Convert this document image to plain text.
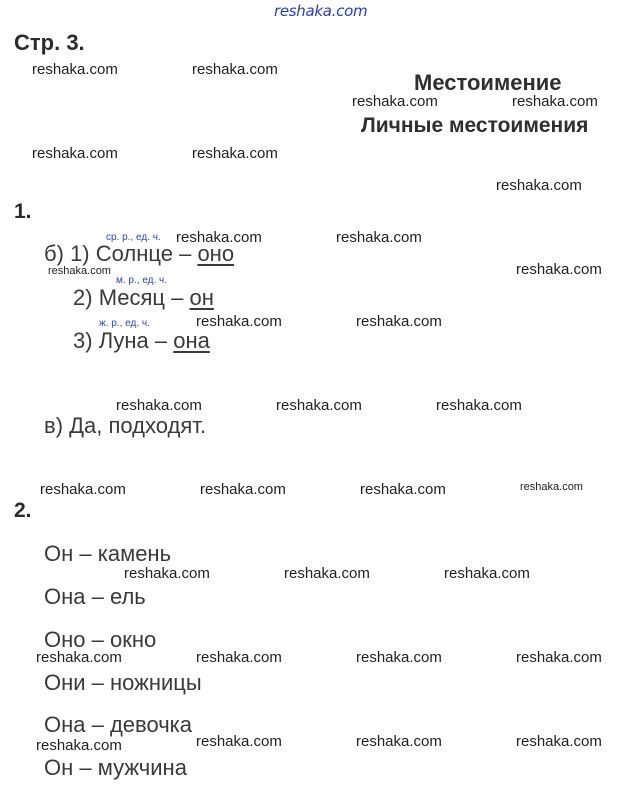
reshaka.com
Стр. 3.
Местоимение
Личные местоимения
1.
ср. р., ед. ч.
б) 1) Солнце – оно
м. р., ед. ч.
2) Месяц – он
ж. р., ед. ч.
3) Луна – она
в) Да, подходят.
2.
Он – камень
Она – ель
Оно – окно
Они – ножницы
Она – девочка
Он – мужчина
reshaka.com	reshaka.com
reshaka.com	reshaka.com
reshaka.com	reshaka.com
reshaka.com
reshaka.com	reshaka.com
reshaka.com	reshaka.com
reshaka.com	reshaka.com
reshaka.com	reshaka.com	reshaka.com
reshaka.com	reshaka.com	reshaka.com	reshaka.com
reshaka.com	reshaka.com	reshaka.com
reshaka.com	reshaka.com	reshaka.com	reshaka.com
reshaka.com	reshaka.com	reshaka.com	reshaka.com
